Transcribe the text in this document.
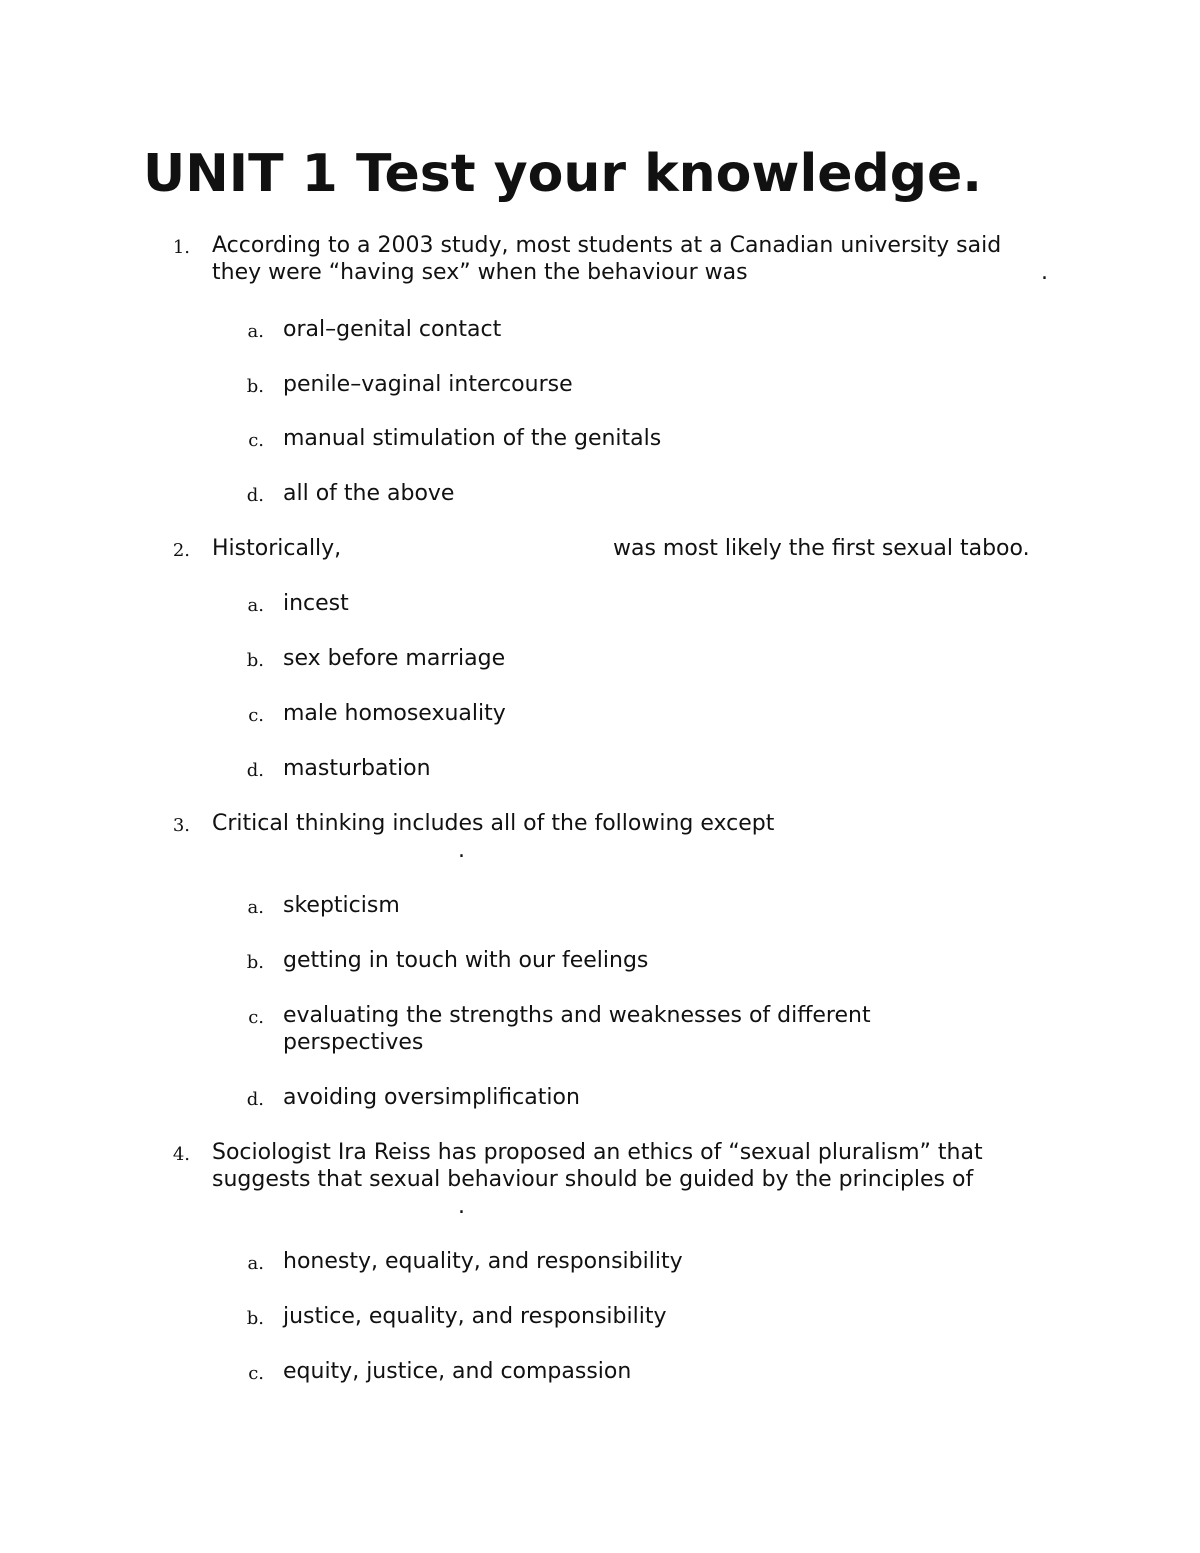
UNIT 1 Test your knowledge.
1. According to a 2003 study, most students at a Canadian university said
they were “having sex” when the behaviour was	.
a. oral–genital contact
b. penile–vaginal intercourse
c. manual stimulation of the genitals
d. all of the above
2. Historically,	was most likely the first sexual taboo.
a. incest
b. sex before marriage
c. male homosexuality
d. masturbation
3. Critical thinking includes all of the following except
.
a. skepticism
b. getting in touch with our feelings
c. evaluating the strengths and weaknesses of different
perspectives
d. avoiding oversimplification
4. Sociologist Ira Reiss has proposed an ethics of “sexual pluralism” that
suggests that sexual behaviour should be guided by the principles of
.
a. honesty, equality, and responsibility
b. justice, equality, and responsibility
c. equity, justice, and compassion
